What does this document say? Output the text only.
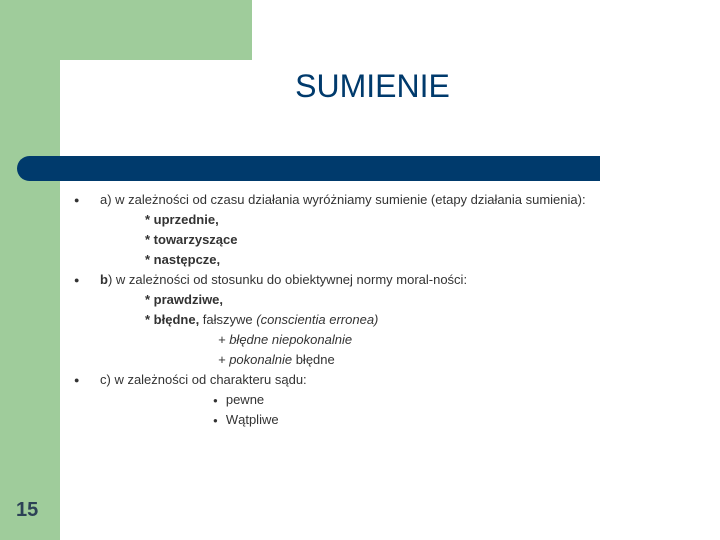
SUMIENIE
● a) w zależności od czasu działania wyróżniamy sumienie (etapy działania sumienia):
* uprzednie,
* towarzyszące
* następcze,
● b) w zależności od stosunku do obiektywnej normy moral-ności:
* prawdziwe,
* błędne, fałszywe (conscientia erronea)
+ błędne niepokonalnie
+ pokonalnie błędne
● c) w zależności od charakteru sądu:
● pewne
● Wątpliwe
15
